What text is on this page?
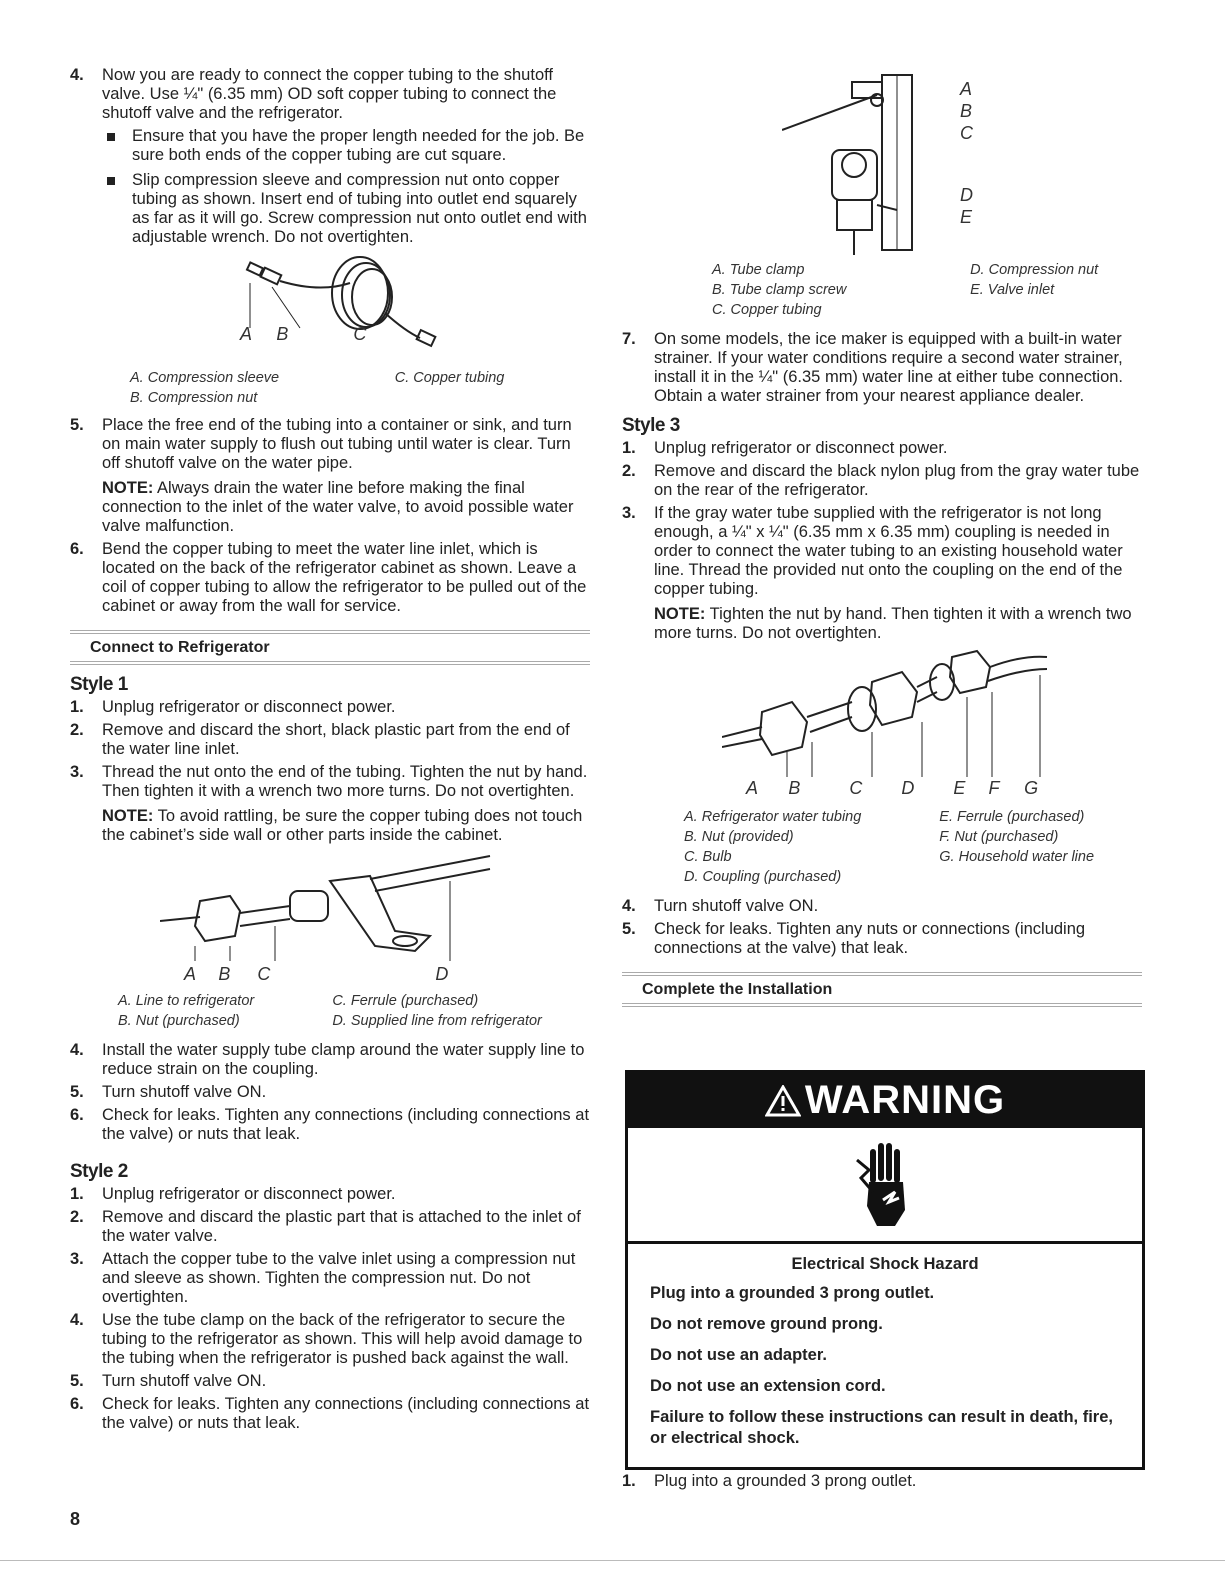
4. Now you are ready to connect the copper tubing to the shutoff valve. Use ¼" (6.35 mm) OD soft copper tubing to connect the shutoff valve and the refrigerator.
Ensure that you have the proper length needed for the job. Be sure both ends of the copper tubing are cut square.
Slip compression sleeve and compression nut onto copper tubing as shown. Insert end of tubing into outlet end squarely as far as it will go. Screw compression nut onto outlet end with adjustable wrench. Do not overtighten.
A B	C
A. Compression sleeve	C. Copper tubing
B. Compression nut
5. Place the free end of the tubing into a container or sink, and turn on main water supply to flush out tubing until water is clear. Turn off shutoff valve on the water pipe.
NOTE: Always drain the water line before making the final connection to the inlet of the water valve, to avoid possible water valve malfunction.
6. Bend the copper tubing to meet the water line inlet, which is located on the back of the refrigerator cabinet as shown. Leave a coil of copper tubing to allow the refrigerator to be pulled out of the cabinet or away from the wall for service.
Connect to Refrigerator
Style 1
1. Unplug refrigerator or disconnect power.
2. Remove and discard the short, black plastic part from the end of the water line inlet.
3. Thread the nut onto the end of the tubing. Tighten the nut by hand. Then tighten it with a wrench two more turns. Do not overtighten.
NOTE: To avoid rattling, be sure the copper tubing does not touch the cabinet’s side wall or other parts inside the cabinet.
A B C	D
A. Line to refrigerator	C. Ferrule (purchased)
B. Nut (purchased)	D. Supplied line from refrigerator
4. Install the water supply tube clamp around the water supply line to reduce strain on the coupling.
5. Turn shutoff valve ON.
6. Check for leaks. Tighten any connections (including connections at the valve) or nuts that leak.
Style 2
1. Unplug refrigerator or disconnect power.
2. Remove and discard the plastic part that is attached to the inlet of the water valve.
3. Attach the copper tube to the valve inlet using a compression nut and sleeve as shown. Tighten the compression nut. Do not overtighten.
4. Use the tube clamp on the back of the refrigerator to secure the tubing to the refrigerator as shown. This will help avoid damage to the tubing when the refrigerator is pushed back against the wall.
5. Turn shutoff valve ON.
6. Check for leaks. Tighten any connections (including connections at the valve) or nuts that leak.
A
B
C
D
E
A. Tube clamp	D. Compression nut
B. Tube clamp screw	E. Valve inlet
C. Copper tubing
7. On some models, the ice maker is equipped with a built-in water strainer. If your water conditions require a second water strainer, install it in the ¼" (6.35 mm) water line at either tube connection. Obtain a water strainer from your nearest appliance dealer.
Style 3
1. Unplug refrigerator or disconnect power.
2. Remove and discard the black nylon plug from the gray water tube on the rear of the refrigerator.
3. If the gray water tube supplied with the refrigerator is not long enough, a ¼" x ¼" (6.35 mm x 6.35 mm) coupling is needed in order to connect the water tubing to an existing household water line. Thread the provided nut onto the coupling on the end of the copper tubing.
NOTE: Tighten the nut by hand. Then tighten it with a wrench two more turns. Do not overtighten.
A B	C D E F G
A. Refrigerator water tubing	E. Ferrule (purchased)
B. Nut (provided)	F. Nut (purchased)
C. Bulb	G. Household water line
D. Coupling (purchased)
4. Turn shutoff valve ON.
5. Check for leaks. Tighten any nuts or connections (including connections at the valve) that leak.
Complete the Installation
WARNING

Electrical Shock Hazard

Plug into a grounded 3 prong outlet.

Do not remove ground prong.

Do not use an adapter.

Do not use an extension cord.

Failure to follow these instructions can result in death, fire, or electrical shock.

1. Plug into a grounded 3 prong outlet.
8
